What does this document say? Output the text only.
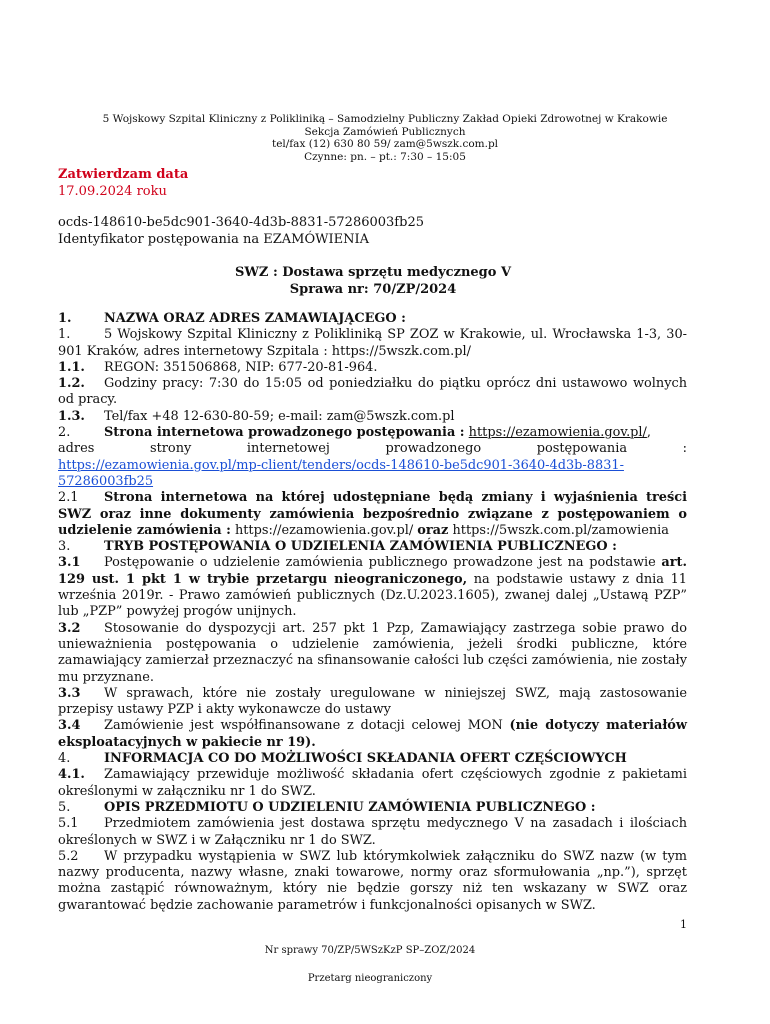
5 Wojskowy Szpital Kliniczny z Polikliniką – Samodzielny Publiczny Zakład Opieki Zdrowotnej w Krakowie
Sekcja Zamówień Publicznych
tel/fax (12) 630 80 59/ zam@5wszk.com.pl
Czynne: pn. – pt.: 7:30 – 15:05
Zatwierdzam data
17.09.2024 roku
ocds-148610-be5dc901-3640-4d3b-8831-57286003fb25
Identyfikator postępowania na EZAMÓWIENIA
SWZ : Dostawa sprzętu medycznego V
Sprawa nr: 70/ZP/2024
1.	NAZWA ORAZ ADRES ZAMAWIAJĄCEGO :
1.	5 Wojskowy Szpital Kliniczny z Polikliniką SP ZOZ w Krakowie, ul. Wrocławska 1-3, 30-901 Kraków, adres internetowy Szpitala : https://5wszk.com.pl/
1.1. REGON: 351506868, NIP: 677-20-81-964.
1.2. Godziny pracy: 7:30 do 15:05 od poniedziałku do piątku oprócz dni ustawowo wolnych od pracy.
1.3. Tel/fax +48 12-630-80-59; e-mail: zam@5wszk.com.pl
2.	Strona internetowa prowadzonego postępowania : https://ezamowienia.gov.pl/,
adres strony internetowej prowadzonego postępowania :
https://ezamowienia.gov.pl/mp-client/tenders/ocds-148610-be5dc901-3640-4d3b-8831-57286003fb25
2.1 Strona internetowa na której udostępniane będą zmiany i wyjaśnienia treści SWZ oraz inne dokumenty zamówienia bezpośrednio związane z postępowaniem o udzielenie zamówienia : https://ezamowienia.gov.pl/ oraz https://5wszk.com.pl/zamowienia
3.	TRYB POSTĘPOWANIA O UDZIELENIA ZAMÓWIENIA PUBLICZNEGO :
3.1 Postępowanie o udzielenie zamówienia publicznego prowadzone jest na podstawie art. 129 ust. 1 pkt 1 w trybie przetargu nieograniczonego, na podstawie ustawy z dnia 11 września 2019r. - Prawo zamówień publicznych (Dz.U.2023.1605), zwanej dalej „Ustawą PZP” lub „PZP” powyżej progów unijnych.
3.2 Stosowanie do dyspozycji art. 257 pkt 1 Pzp, Zamawiający zastrzega sobie prawo do unieważnienia postępowania o udzielenie zamówienia, jeżeli środki publiczne, które zamawiający zamierzał przeznaczyć na sfinansowanie całości lub części zamówienia, nie zostały mu przyznane.
3.3 W sprawach, które nie zostały uregulowane w niniejszej SWZ, mają zastosowanie przepisy ustawy PZP i akty wykonawcze do ustawy
3.4 Zamówienie jest współfinansowane z dotacji celowej MON (nie dotyczy materiałów eksploatacyjnych w pakiecie nr 19).
4.	INFORMACJA CO DO MOŻLIWOŚCI SKŁADANIA OFERT CZĘŚCIOWYCH
4.1. Zamawiający przewiduje możliwość składania ofert częściowych zgodnie z pakietami określonymi w załączniku nr 1 do SWZ.
5.	OPIS PRZEDMIOTU O UDZIELENIU ZAMÓWIENIA PUBLICZNEGO :
5.1 Przedmiotem zamówienia jest dostawa sprzętu medycznego V na zasadach i ilościach określonych w SWZ i w Załączniku nr 1 do SWZ.
5.2 W przypadku wystąpienia w SWZ lub którymkolwiek załączniku do SWZ nazw (w tym nazwy producenta, nazwy własne, znaki towarowe, normy oraz sformułowania „np.”), sprzęt można zastąpić równoważnym, który nie będzie gorszy niż ten wskazany w SWZ oraz gwarantować będzie zachowanie parametrów i funkcjonalności opisanych w SWZ.
1
Nr sprawy 70/ZP/5WSzKzP SP–ZOZ/2024
Przetarg nieograniczony
